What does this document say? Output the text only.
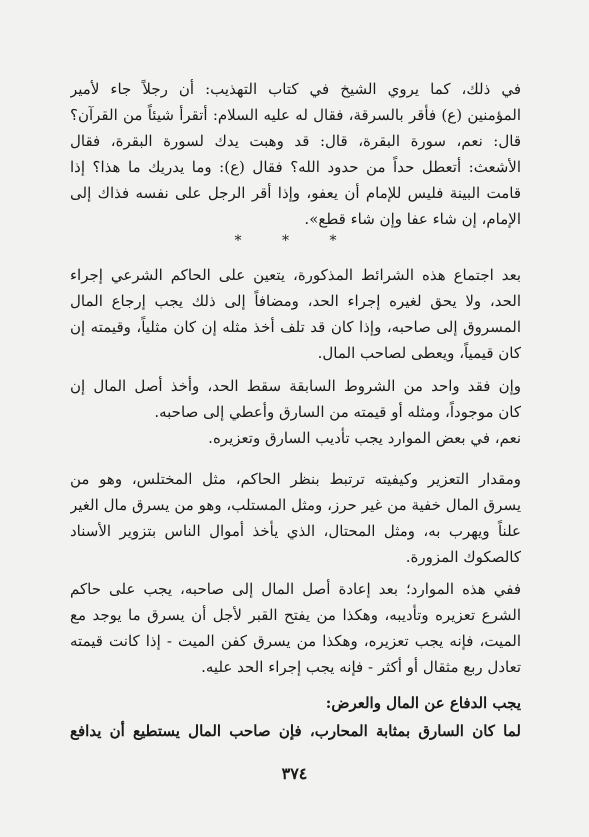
في ذلك، كما يروي الشيخ في كتاب التهذيب: أن رجلاً جاء لأمير
المؤمنين (ع) فأقر بالسرقة، فقال له عليه السلام: أتقرأ شيئاً من القرآن؟
قال: نعم، سورة البقرة، قال: قد وهبت يدك لسورة البقرة، فقال
الأشعث: أتعطل حداً من حدود الله؟ فقال (ع): وما يدريك ما هذا؟ إذا
قامت البينة فليس للإمام أن يعفو، وإذا أقر الرجل على نفسه فذاك إلى
الإمام، إن شاء عفا وإن شاء قطع».
* * *
بعد اجتماع هذه الشرائط المذكورة، يتعين على الحاكم الشرعي إجراء
الحد، ولا يحق لغيره إجراء الحد، ومضافاً إلى ذلك يجب إرجاع المال
المسروق إلى صاحبه، وإذا كان قد تلف أخذ مثله إن كان مثلياً، وقيمته إن
كان قيمياً، ويعطى لصاحب المال.
وإن فقد واحد من الشروط السابقة سقط الحد، وأخذ أصل المال إن
كان موجوداً، ومثله أو قيمته من السارق وأعطي إلى صاحبه.
نعم، في بعض الموارد يجب تأديب السارق وتعزيره.
ومقدار التعزير وكيفيته ترتبط بنظر الحاكم، مثل المختلس، وهو من
يسرق المال خفية من غير حرز، ومثل المستلب، وهو من يسرق مال الغير
علناً ويهرب به، ومثل المحتال، الذي يأخذ أموال الناس بتزوير الأسناد
كالصكوك المزورة.
ففي هذه الموارد؛ بعد إعادة أصل المال إلى صاحبه، يجب على حاكم
الشرع تعزيره وتأديبه، وهكذا من يفتح القبر لأجل أن يسرق ما يوجد مع
الميت، فإنه يجب تعزيره، وهكذا من يسرق كفن الميت - إذا كانت قيمته
تعادل ربع مثقال أو أكثر - فإنه يجب إجراء الحد عليه.
يجب الدفاع عن المال والعرض:
لما كان السارق بمثابة المحارب، فإن صاحب المال يستطيع أن يدافع
٣٧٤
